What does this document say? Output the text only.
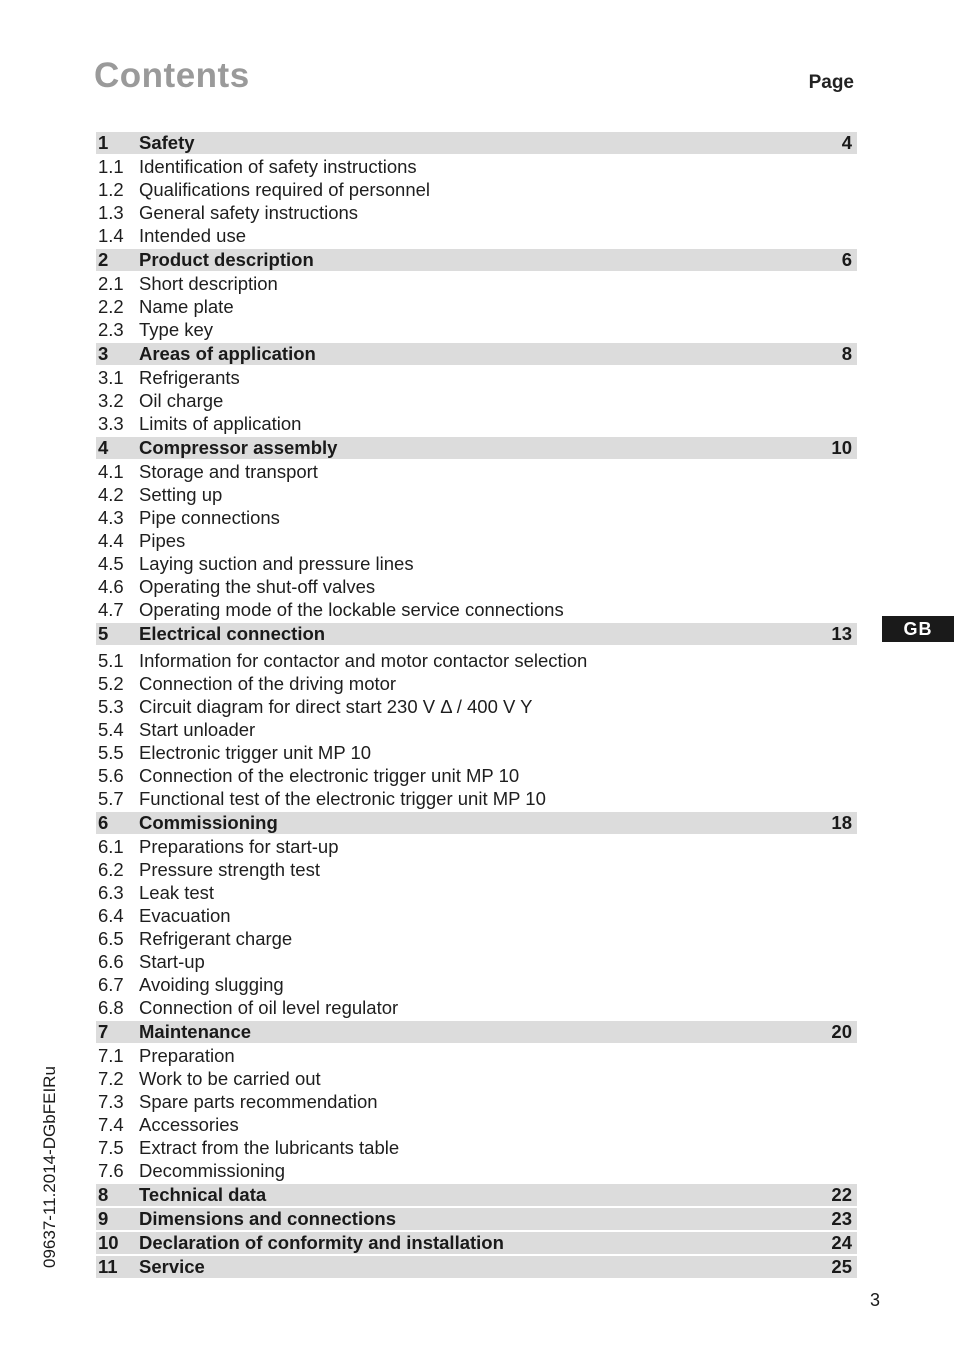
Contents	Page
1	Safety	4
1.1 Identification of safety instructions
1.2 Qualifications required of personnel
1.3 General safety instructions
1.4 Intended use
2	Product description	6
2.1 Short description
2.2 Name plate
2.3 Type key
3	Areas of application	8
3.1 Refrigerants
3.2 Oil charge
3.3 Limits of application
4	Compressor assembly	10
4.1 Storage and transport
4.2 Setting up
4.3 Pipe connections
4.4 Pipes
4.5 Laying suction and pressure lines
4.6 Operating the shut-off valves
4.7 Operating mode of the lockable service connections
5	Electrical connection	13
5.1 Information for contactor and motor contactor selection
5.2 Connection of the driving motor
5.3 Circuit diagram for direct start 230 V Δ / 400 V Y
5.4 Start unloader
5.5 Electronic trigger unit MP 10
5.6 Connection of the electronic trigger unit MP 10
5.7 Functional test of the electronic trigger unit MP 10
6	Commissioning	18
6.1 Preparations for start-up
6.2 Pressure strength test
6.3 Leak test
6.4 Evacuation
6.5 Refrigerant charge
6.6 Start-up
6.7 Avoiding slugging
6.8 Connection of oil level regulator
7	Maintenance	20
7.1 Preparation
7.2 Work to be carried out
7.3 Spare parts recommendation
7.4 Accessories
7.5 Extract from the lubricants table
7.6 Decommissioning
8	Technical data	22
9	Dimensions and connections	23
10	Declaration of conformity and installation	24
11	Service	25
GB
09637-11.2014-DGbFEIRu
3
